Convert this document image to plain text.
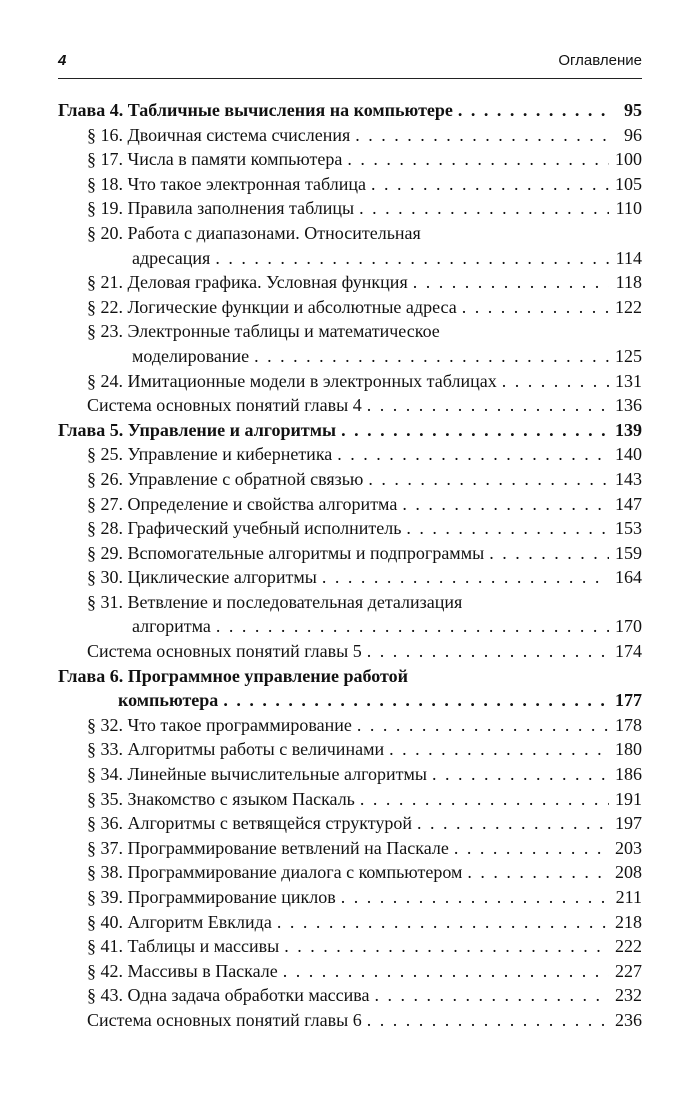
4	Оглавление
Глава 4. Табличные вычисления на компьютере . . .	95
§ 16. Двоичная система счисления . . .	96
§ 17. Числа в памяти компьютера . . .	100
§ 18. Что такое электронная таблица . . .	105
§ 19. Правила заполнения таблицы . . .	110
§ 20. Работа с диапазонами. Относительная
адресация . . .	114
§ 21. Деловая графика. Условная функция . . .	118
§ 22. Логические функции и абсолютные адреса . . .	122
§ 23. Электронные таблицы и математическое
моделирование . . .	125
§ 24. Имитационные модели в электронных таблицах . . .	131
Система основных понятий главы 4 . . .	136
Глава 5. Управление и алгоритмы . . .	139
§ 25. Управление и кибернетика . . .	140
§ 26. Управление с обратной связью . . .	143
§ 27. Определение и свойства алгоритма . . .	147
§ 28. Графический учебный исполнитель . . .	153
§ 29. Вспомогательные алгоритмы и подпрограммы . . .	159
§ 30. Циклические алгоритмы . . .	164
§ 31. Ветвление и последовательная детализация
алгоритма . . .	170
Система основных понятий главы 5 . . .	174
Глава 6. Программное управление работой
компьютера . . .	177
§ 32. Что такое программирование . . .	178
§ 33. Алгоритмы работы с величинами . . .	180
§ 34. Линейные вычислительные алгоритмы . . .	186
§ 35. Знакомство с языком Паскаль . . .	191
§ 36. Алгоритмы с ветвящейся структурой . . .	197
§ 37. Программирование ветвлений на Паскале . . .	203
§ 38. Программирование диалога с компьютером . . .	208
§ 39. Программирование циклов . . .	211
§ 40. Алгоритм Евклида . . .	218
§ 41. Таблицы и массивы . . .	222
§ 42. Массивы в Паскале . . .	227
§ 43. Одна задача обработки массива . . .	232
Система основных понятий главы 6 . . .	236
